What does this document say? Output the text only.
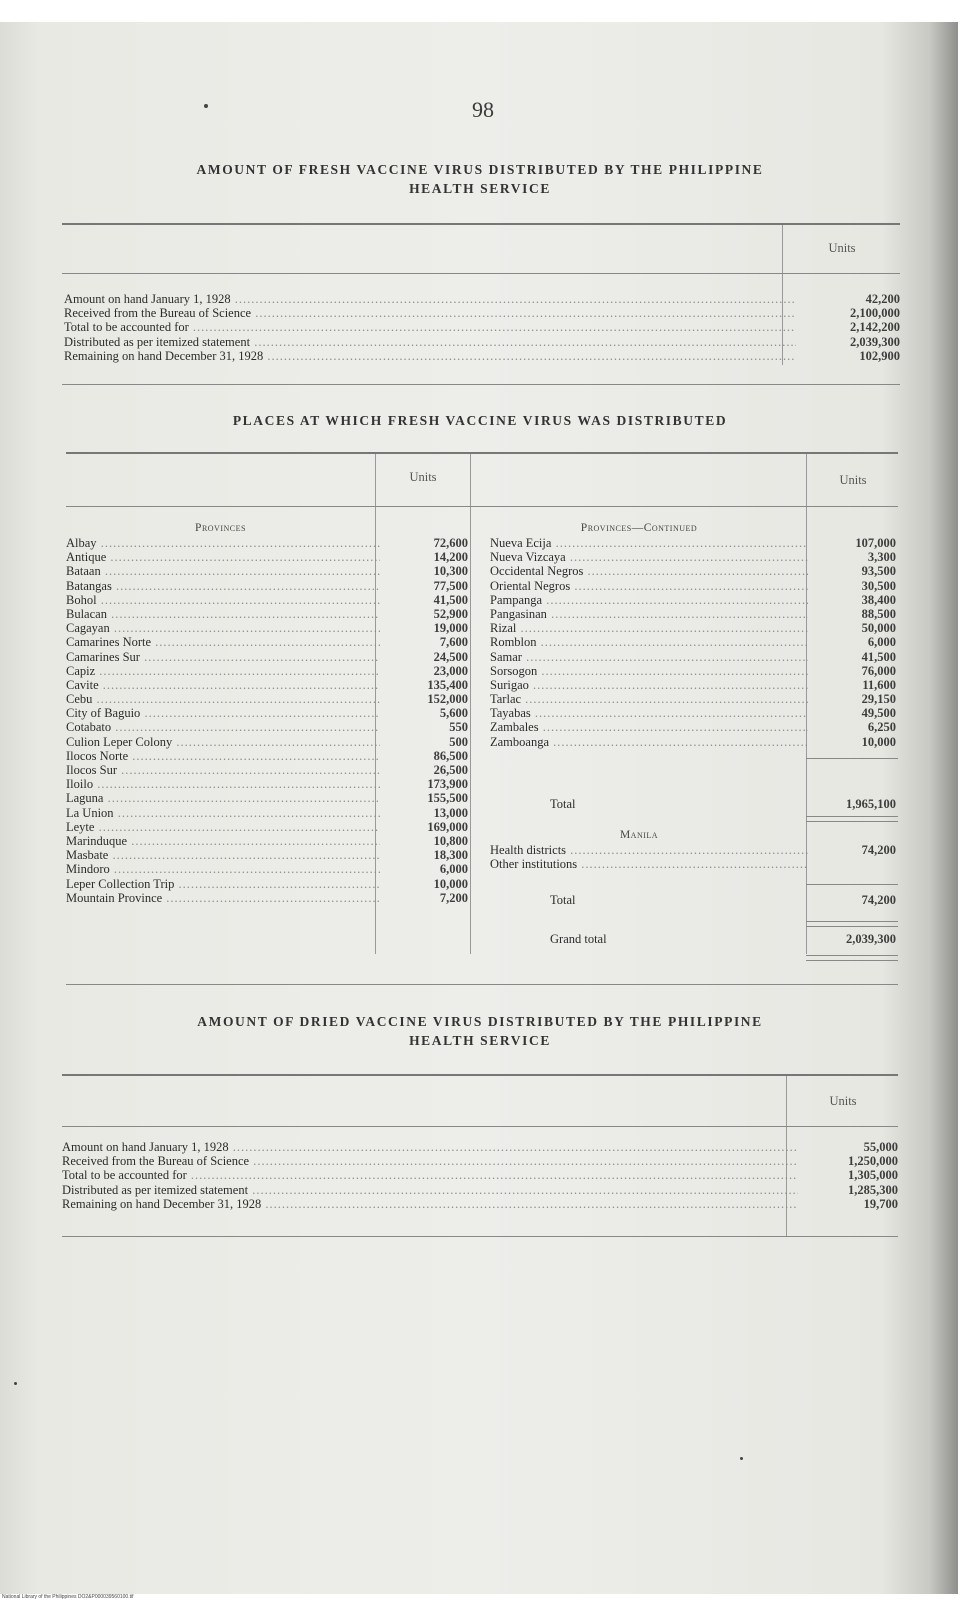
98
AMOUNT OF FRESH VACCINE VIRUS DISTRIBUTED BY THE PHILIPPINE
HEALTH SERVICE
Units
Amount on hand January 1, 1928 .....	42,200
Received from the Bureau of Science .....	2,100,000
Total to be accounted for .....	2,142,200
Distributed as per itemized statement .....	2,039,300
Remaining on hand December 31, 1928 .....	102,900
PLACES AT WHICH FRESH VACCINE VIRUS WAS DISTRIBUTED
Units	Units
Provinces
Albay .....	72,600
Antique .....	14,200
Bataan .....	10,300
Batangas .....	77,500
Bohol .....	41,500
Bulacan .....	52,900
Cagayan .....	19,000
Camarines Norte .....	7,600
Camarines Sur .....	24,500
Capiz .....	23,000
Cavite .....	135,400
Cebu .....	152,000
City of Baguio .....	5,600
Cotabato .....	550
Culion Leper Colony .....	500
Ilocos Norte .....	86,500
Ilocos Sur .....	26,500
Iloilo .....	173,900
Laguna .....	155,500
La Union .....	13,000
Leyte .....	169,000
Marinduque .....	10,800
Masbate .....	18,300
Mindoro .....	6,000
Leper Collection Trip .....	10,000
Mountain Province .....	7,200
Provinces—Continued
Nueva Ecija .....	107,000
Nueva Vizcaya .....	3,300
Occidental Negros .....	93,500
Oriental Negros .....	30,500
Pampanga .....	38,400
Pangasinan .....	88,500
Rizal .....	50,000
Romblon .....	6,000
Samar .....	41,500
Sorsogon .....	76,000
Surigao .....	11,600
Tarlac .....	29,150
Tayabas .....	49,500
Zambales .....	6,250
Zamboanga .....	10,000
Total	1,965,100
Manila
Health districts .....	74,200
Other institutions .....
Total	74,200
Grand total	2,039,300
AMOUNT OF DRIED VACCINE VIRUS DISTRIBUTED BY THE PHILIPPINE
HEALTH SERVICE
Units
Amount on hand January 1, 1928 .....	55,000
Received from the Bureau of Science .....	1,250,000
Total to be accounted for .....	1,305,000
Distributed as per itemized statement .....	1,285,300
Remaining on hand December 31, 1928 .....	19,700
National Library of the Philippines DO2&P000039560100.tif
